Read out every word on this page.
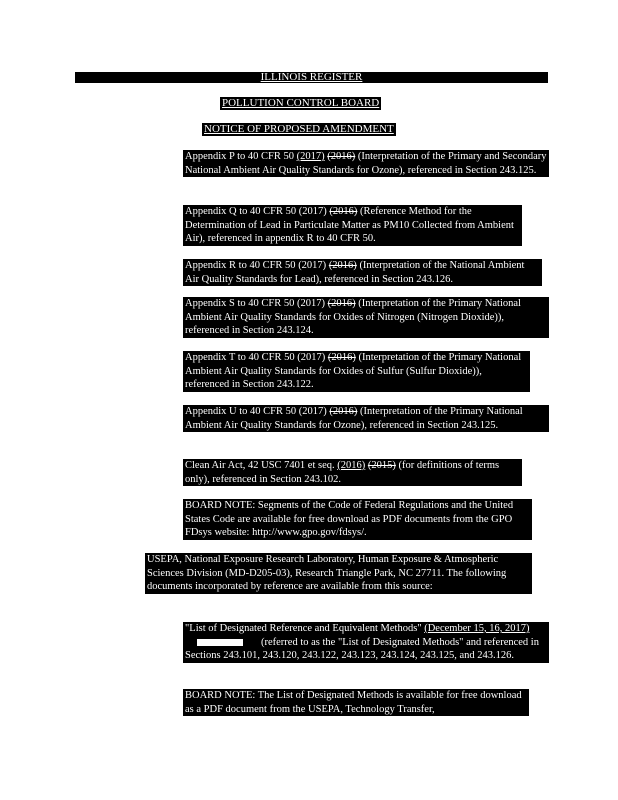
ILLINOIS REGISTER
POLLUTION CONTROL BOARD
NOTICE OF PROPOSED AMENDMENT
Appendix P to 40 CFR 50 (2017) (2016) (Interpretation of the Primary and Secondary National Ambient Air Quality Standards for Ozone), referenced in Section 243.125.
Appendix Q to 40 CFR 50 (2017) (2016) (Reference Method for the Determination of Lead in Particulate Matter as PM10 Collected from Ambient Air), referenced in appendix R to 40 CFR 50.
Appendix R to 40 CFR 50 (2017) (2016) (Interpretation of the National Ambient Air Quality Standards for Lead), referenced in Section 243.126.
Appendix S to 40 CFR 50 (2017) (2016) (Interpretation of the Primary National Ambient Air Quality Standards for Oxides of Nitrogen (Nitrogen Dioxide)), referenced in Section 243.124.
Appendix T to 40 CFR 50 (2017) (2016) (Interpretation of the Primary National Ambient Air Quality Standards for Oxides of Sulfur (Sulfur Dioxide)), referenced in Section 243.122.
Appendix U to 40 CFR 50 (2017) (2016) (Interpretation of the Primary National Ambient Air Quality Standards for Ozone), referenced in Section 243.125.
Clean Air Act, 42 USC 7401 et seq. (2016) (2015) (for definitions of terms only), referenced in Section 243.102.
BOARD NOTE: Segments of the Code of Federal Regulations and the United States Code are available for free download as PDF documents from the GPO FDsys website: http://www.gpo.gov/fdsys/.
USEPA, National Exposure Research Laboratory, Human Exposure & Atmospheric Sciences Division (MD-D205-03), Research Triangle Park, NC 27711. The following documents incorporated by reference are available from this source:
"List of Designated Reference and Equivalent Methods" (December 15, 16, 2017)(referred to as the "List of Designated Methods" and referenced in Sections 243.101, 243.120, 243.122, 243.123, 243.124, 243.125, and 243.126.
BOARD NOTE: The List of Designated Methods is available for free download as a PDF document from the USEPA, Technology Transfer,
